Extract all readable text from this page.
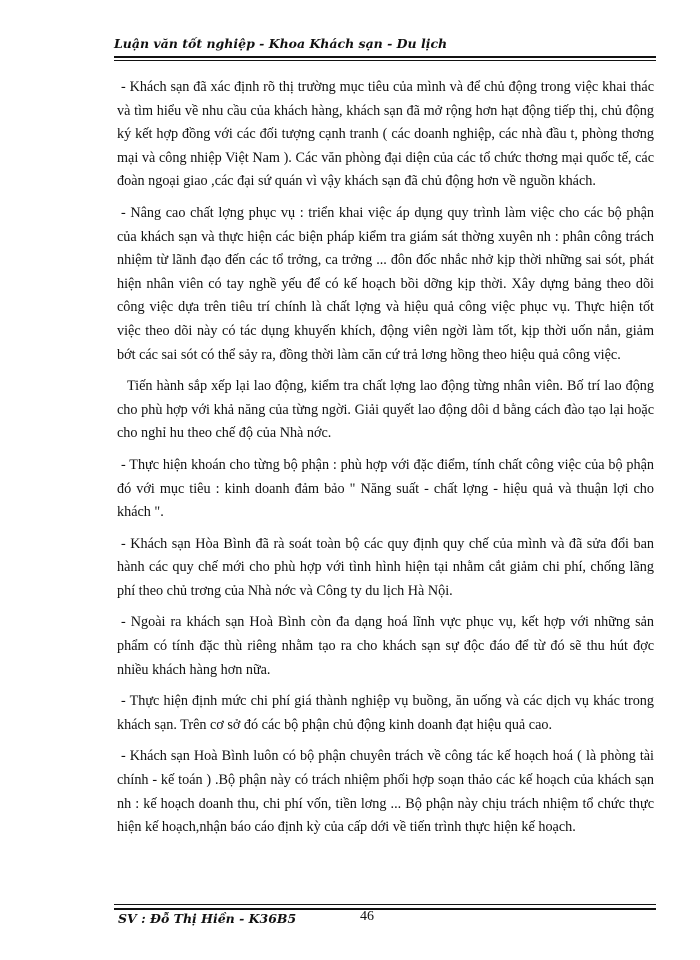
Luận văn tốt nghiệp - Khoa Khách sạn - Du lịch

- Khách sạn đã xác định rõ thị trường mục tiêu của mình và để chủ động trong việc khai thác và tìm hiểu về nhu cầu của khách hàng, khách sạn đã mở rộng hơn hạt động tiếp thị, chủ động ký kết hợp đồng với các đối tượng cạnh tranh ( các doanh nghiệp, các nhà đầu t, phòng thơng mại và công nhiệp Việt Nam ). Các văn phòng đại diện của các tổ chức thơng mại quốc tế, các đoàn ngoại giao ,các đại sứ quán vì vậy khách sạn đã chủ động hơn về nguồn khách.

- Nâng cao chất lợng phục vụ : triển khai việc áp dụng quy trình làm việc cho các bộ phận của khách sạn và thực hiện các biện pháp kiểm tra giám sát thờng xuyên nh : phân công trách nhiệm từ lãnh đạo đến các tổ trởng, ca trởng ... đôn đốc nhắc nhở kịp thời những sai sót, phát hiện nhân viên có tay nghề yếu để có kế hoạch bồi dỡng kịp thời. Xây dựng bảng theo dõi công việc dựa trên tiêu trí chính là chất lợng và hiệu quả công việc phục vụ. Thực hiện tốt việc theo dõi này có tác dụng khuyến khích, động viên ngời làm tốt, kịp thời uốn nắn, giảm bớt các sai sót có thể sảy ra, đồng thời làm căn cứ trả lơng hồng theo hiệu quả công việc.

Tiến hành sắp xếp lại lao động, kiểm tra chất lợng lao động từng nhân viên. Bố trí lao động cho phù hợp với khả năng của từng ngời. Giải quyết lao động dôi d bằng cách đào tạo lại hoặc cho nghỉ hu theo chế độ của Nhà nớc.

- Thực hiện khoán cho từng bộ phận : phù hợp với đặc điểm, tính chất công việc của bộ phận đó với mục tiêu : kinh doanh đảm bảo " Năng suất - chất lợng - hiệu quả và thuận lợi cho khách ".

- Khách sạn Hòa Bình đã rà soát toàn bộ các quy định quy chế của mình và đã sửa đổi ban hành các quy chế mới cho phù hợp với tình hình hiện tại nhằm cắt giảm chi phí, chống lãng phí theo chủ trơng của Nhà nớc và Công ty du lịch Hà Nội.

- Ngoài ra khách sạn Hoà Bình còn đa dạng hoá lĩnh vực phục vụ, kết hợp với những sản phẩm có tính đặc thù riêng nhằm tạo ra cho khách sạn sự độc đáo để từ đó sẽ thu hút đợc nhiều khách hàng hơn nữa.

- Thực hiện định mức chi phí giá thành nghiệp vụ buồng, ăn uống và các dịch vụ khác trong khách sạn. Trên cơ sở đó các bộ phận chủ động kinh doanh đạt hiệu quả cao.

- Khách sạn Hoà Bình luôn có bộ phận chuyên trách về công tác kế hoạch hoá ( là phòng tài chính - kế toán ) .Bộ phận này có trách nhiệm phối hợp soạn thảo các kế hoạch của khách sạn nh : kế hoạch doanh thu, chi phí vốn, tiền lơng ... Bộ phận này chịu trách nhiệm tổ chức thực hiện kế hoạch,nhận báo cáo định kỳ của cấp dới về tiến trình thực hiện kế hoạch.

SV : Đỗ Thị Hiền - K36B5	46
